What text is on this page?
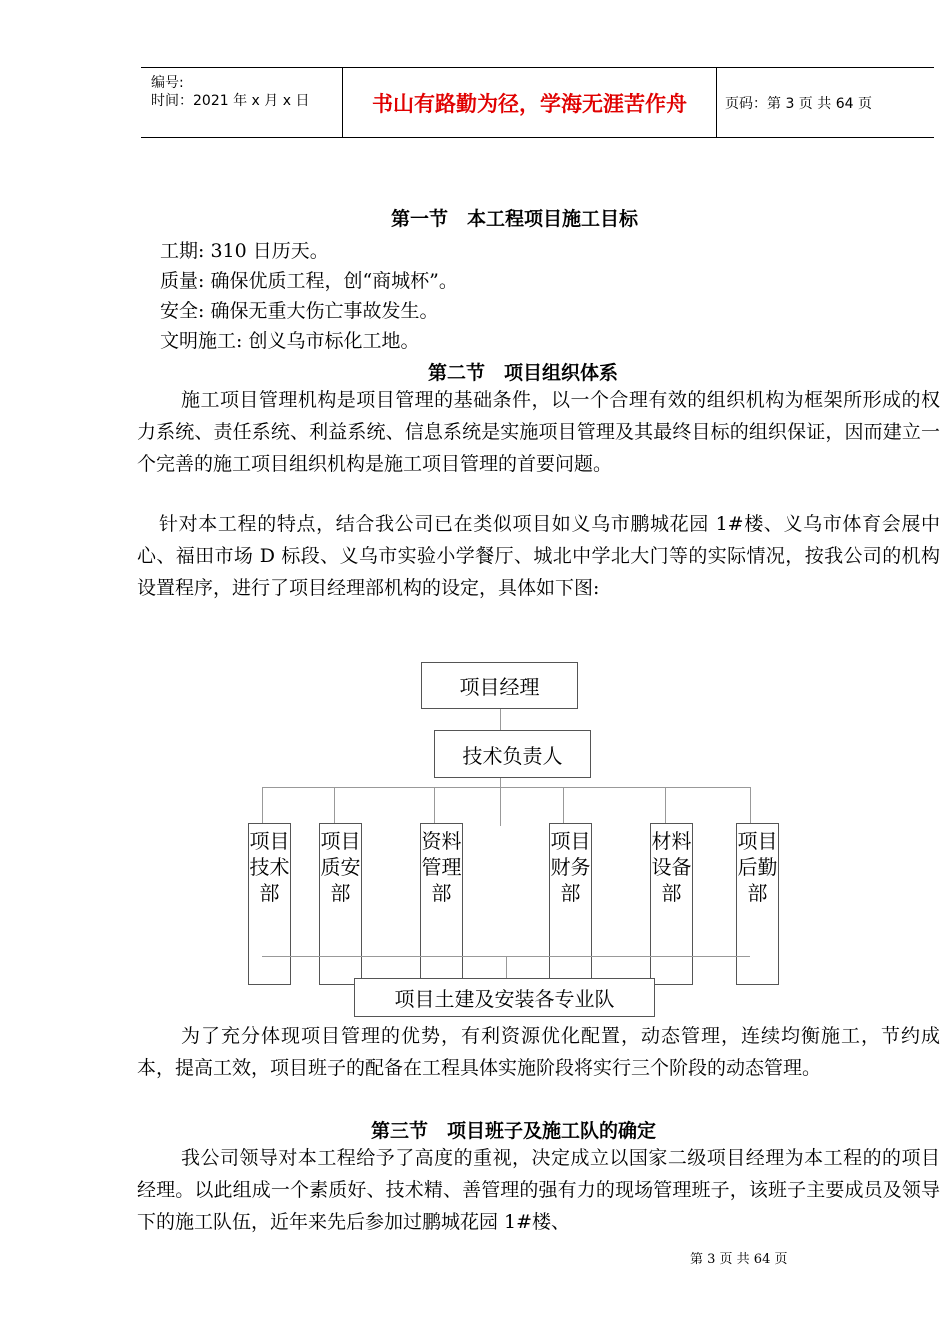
编号:
时间：2021 年 x 月 x 日	书山有路勤为径，学海无涯苦作舟	页码：第 3 页 共 64 页
第一节　本工程项目施工目标
工期: 310 日历天。
质量: 确保优质工程，创“商城杯”。
安全: 确保无重大伤亡事故发生。
文明施工: 创义乌市标化工地。
第二节　项目组织体系
施工项目管理机构是项目管理的基础条件，以一个合理有效的组织机构为框架所形成的权力系统、责任系统、利益系统、信息系统是实施项目管理及其最终目标的组织保证，因而建立一个完善的施工项目组织机构是施工项目管理的首要问题。
针对本工程的特点，结合我公司已在类似项目如义乌市鹏城花园 1#楼、义乌市体育会展中心、福田市场 D 标段、义乌市实验小学餐厅、城北中学北大门等的实际情况，按我公司的机构设置程序，进行了项目经理部机构的设定，具体如下图:
项目经理
技术负责人
项目技术部
项目质安部
资料管理部
项目财务部
材料设备部
项目后勤部
项目土建及安装各专业队
为了充分体现项目管理的优势，有利资源优化配置，动态管理，连续均衡施工，节约成本，提高工效，项目班子的配备在工程具体实施阶段将实行三个阶段的动态管理。
第三节　项目班子及施工队的确定
我公司领导对本工程给予了高度的重视，决定成立以国家二级项目经理为本工程的的项目经理。以此组成一个素质好、技术精、善管理的强有力的现场管理班子，该班子主要成员及领导下的施工队伍，近年来先后参加过鹏城花园 1#楼、
第 3 页 共 64 页
